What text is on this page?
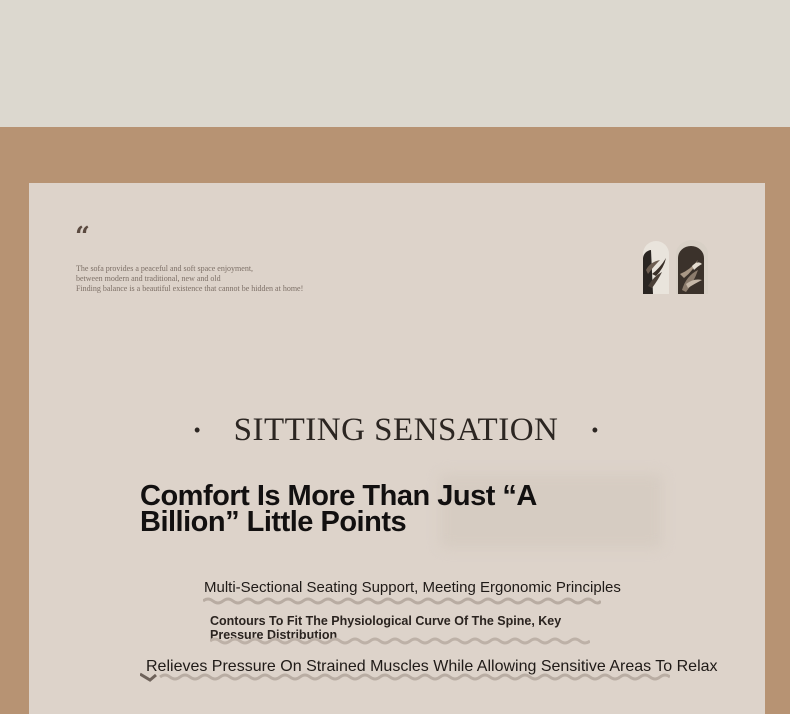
“
The sofa provides a peaceful and soft space enjoyment,
between modern and traditional, new and old
Finding balance is a beautiful existence that cannot be hidden at home!
• SITTING SENSATION •
Comfort Is More Than Just “A Billion” Little Points
Multi-Sectional Seating Support, Meeting Ergonomic Principles
Contours To Fit The Physiological Curve Of The Spine, Key Pressure Distribution
Relieves Pressure On Strained Muscles While Allowing Sensitive Areas To Relax
